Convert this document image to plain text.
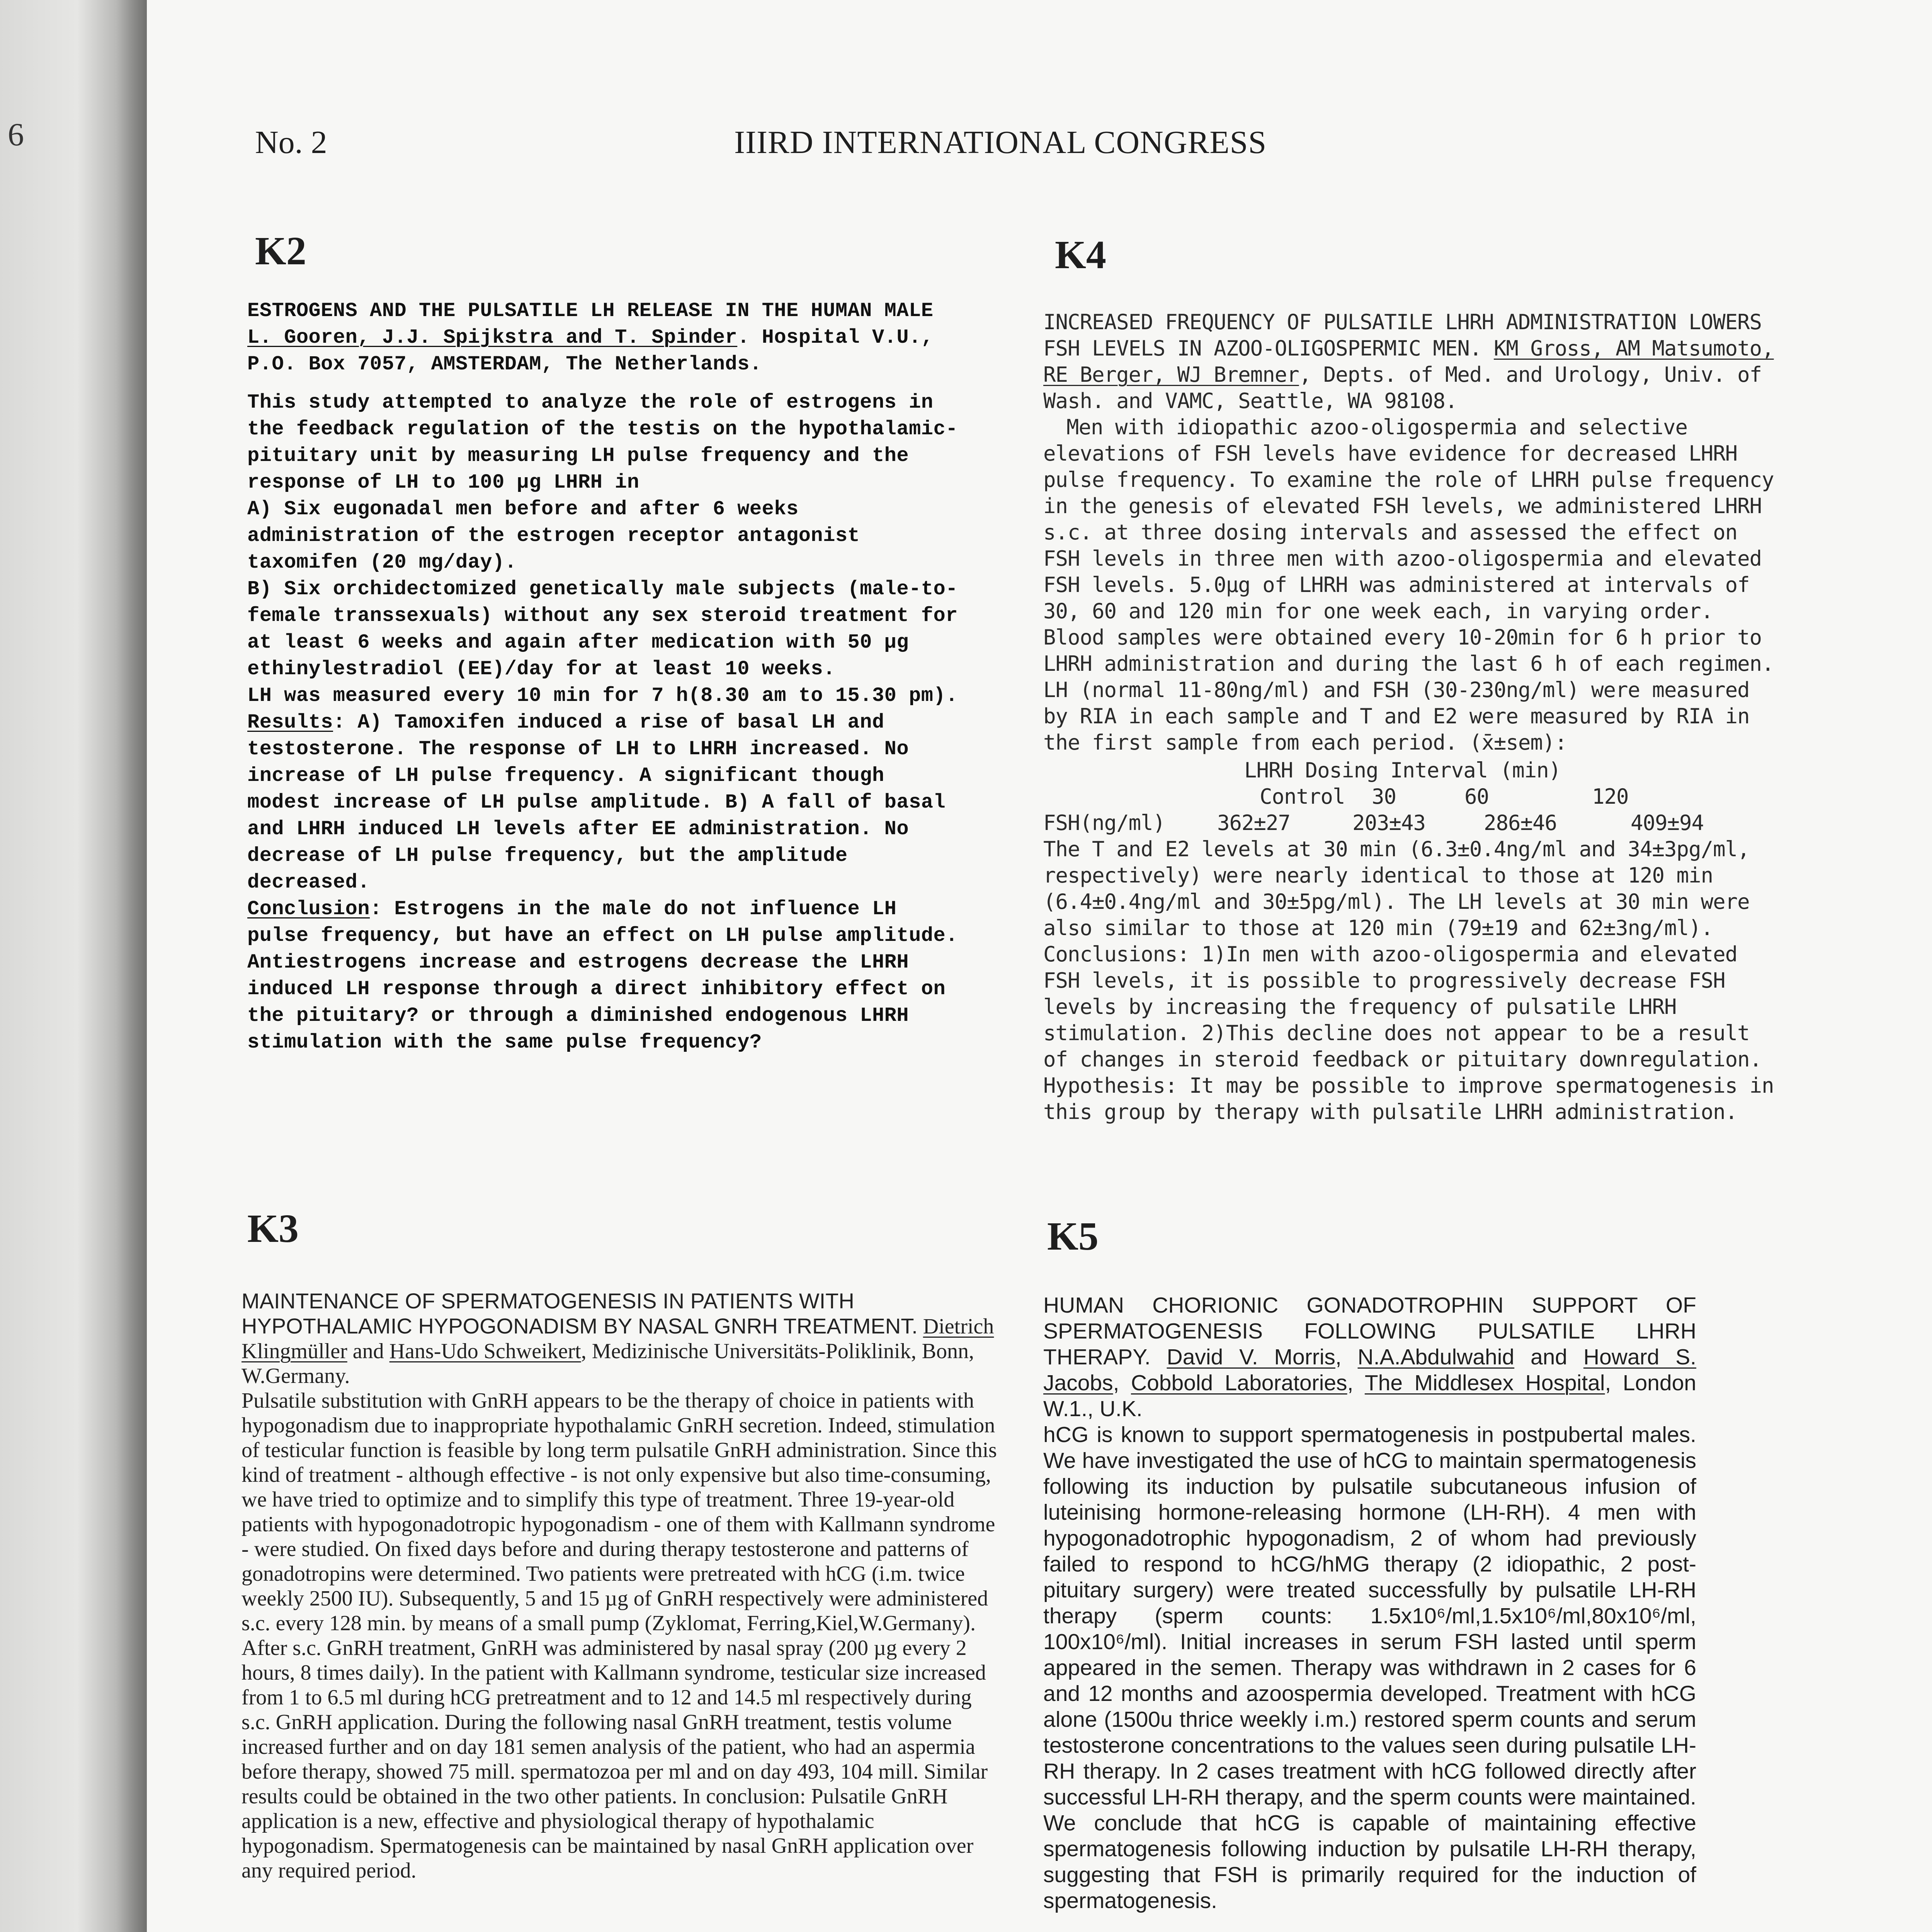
6	No. 2	IIIRD INTERNATIONAL CONGRESS
K2

ESTROGENS AND THE PULSATILE LH RELEASE IN THE HUMAN MALE

L. Gooren, J.J. Spijkstra and T. Spinder. Hospital V.U., P.O. Box 7057, AMSTERDAM, The Netherlands.

This study attempted to analyze the role of estrogens in the feedback regulation of the testis on the hypothalamic-pituitary unit by measuring LH pulse frequency and the response of LH to 100 µg LHRH in

A) Six eugonadal men before and after 6 weeks administration of the estrogen receptor antagonist taxomifen (20 mg/day).

B) Six orchidectomized genetically male subjects (male-to-female transsexuals) without any sex steroid treatment for at least 6 weeks and again after medication with 50 µg ethinylestradiol (EE)/day for at least 10 weeks.

LH was measured every 10 min for 7 h(8.30 am to 15.30 pm).

Results: A) Tamoxifen induced a rise of basal LH and testosterone. The response of LH to LHRH increased. No increase of LH pulse frequency. A significant though modest increase of LH pulse amplitude. B) A fall of basal and LHRH induced LH levels after EE administration. No decrease of LH pulse frequency, but the amplitude decreased.

Conclusion: Estrogens in the male do not influence LH pulse frequency, but have an effect on LH pulse amplitude. Antiestrogens increase and estrogens decrease the LHRH induced LH response through a direct inhibitory effect on the pituitary? or through a diminished endogenous LHRH stimulation with the same pulse frequency?

K4

INCREASED FREQUENCY OF PULSATILE LHRH ADMINISTRATION LOWERS FSH LEVELS IN AZOO-OLIGOSPERMIC MEN. KM Gross, AM Matsumoto, RE Berger, WJ Bremner, Depts. of Med. and Urology, Univ. of Wash. and VAMC, Seattle, WA 98108.

Men with idiopathic azoo-oligospermia and selective elevations of FSH levels have evidence for decreased LHRH pulse frequency. To examine the role of LHRH pulse frequency in the genesis of elevated FSH levels, we administered LHRH s.c. at three dosing intervals and assessed the effect on FSH levels in three men with azoo-oligospermia and elevated FSH levels. 5.0µg of LHRH was administered at intervals of 30, 60 and 120 min for one week each, in varying order. Blood samples were obtained every 10-20min for 6 h prior to LHRH administration and during the last 6 h of each regimen. LH (normal 11-80ng/ml) and FSH (30-230ng/ml) were measured by RIA in each sample and T and E2 were measured by RIA in the first sample from each period. (x̄±sem):

LHRH Dosing Interval (min)
Control	30	60	120
FSH(ng/ml)	362±27	203±43	286±46	409±94

The T and E2 levels at 30 min (6.3±0.4ng/ml and 34±3pg/ml, respectively) were nearly identical to those at 120 min (6.4±0.4ng/ml and 30±5pg/ml). The LH levels at 30 min were also similar to those at 120 min (79±19 and 62±3ng/ml). Conclusions: 1)In men with azoo-oligospermia and elevated FSH levels, it is possible to progressively decrease FSH levels by increasing the frequency of pulsatile LHRH stimulation. 2)This decline does not appear to be a result of changes in steroid feedback or pituitary downregulation. Hypothesis: It may be possible to improve spermatogenesis in this group by therapy with pulsatile LHRH administration.

K3

MAINTENANCE OF SPERMATOGENESIS IN PATIENTS WITH HYPOTHALAMIC HYPOGONADISM BY NASAL GNRH TREATMENT. Dietrich Klingmüller and Hans-Udo Schweikert, Medizinische Universitäts-Poliklinik, Bonn, W.Germany.

Pulsatile substitution with GnRH appears to be the therapy of choice in patients with hypogonadism due to inappropriate hypothalamic GnRH secretion. Indeed, stimulation of testicular function is feasible by long term pulsatile GnRH administration. Since this kind of treatment - although effective - is not only expensive but also time-consuming, we have tried to optimize and to simplify this type of treatment. Three 19-year-old patients with hypogonadotropic hypogonadism - one of them with Kallmann syndrome - were studied. On fixed days before and during therapy testosterone and patterns of gonadotropins were determined. Two patients were pretreated with hCG (i.m. twice weekly 2500 IU). Subsequently, 5 and 15 µg of GnRH respectively were administered s.c. every 128 min. by means of a small pump (Zyklomat, Ferring,Kiel,W.Germany). After s.c. GnRH treatment, GnRH was administered by nasal spray (200 µg every 2 hours, 8 times daily). In the patient with Kallmann syndrome, testicular size increased from 1 to 6.5 ml during hCG pretreatment and to 12 and 14.5 ml respectively during s.c. GnRH application. During the following nasal GnRH treatment, testis volume increased further and on day 181 semen analysis of the patient, who had an aspermia before therapy, showed 75 mill. spermatozoa per ml and on day 493, 104 mill. Similar results could be obtained in the two other patients. In conclusion: Pulsatile GnRH application is a new, effective and physiological therapy of hypothalamic hypogonadism. Spermatogenesis can be maintained by nasal GnRH application over any required period.

K5

HUMAN CHORIONIC GONADOTROPHIN SUPPORT OF SPERMATOGENESIS FOLLOWING PULSATILE LHRH THERAPY. David V. Morris, N.A.Abdulwahid and Howard S. Jacobs, Cobbold Laboratories, The Middlesex Hospital, London W.1., U.K.

hCG is known to support spermatogenesis in postpubertal males. We have investigated the use of hCG to maintain spermatogenesis following its induction by pulsatile subcutaneous infusion of luteinising hormone-releasing hormone (LH-RH). 4 men with hypogonadotrophic hypogonadism, 2 of whom had previously failed to respond to hCG/hMG therapy (2 idiopathic, 2 post-pituitary surgery) were treated successfully by pulsatile LH-RH therapy (sperm counts: 1.5x10⁶/ml,1.5x10⁶/ml,80x10⁶/ml, 100x10⁶/ml). Initial increases in serum FSH lasted until sperm appeared in the semen. Therapy was withdrawn in 2 cases for 6 and 12 months and azoospermia developed. Treatment with hCG alone (1500u thrice weekly i.m.) restored sperm counts and serum testosterone concentrations to the values seen during pulsatile LH-RH therapy. In 2 cases treatment with hCG followed directly after successful LH-RH therapy, and the sperm counts were maintained. We conclude that hCG is capable of maintaining effective spermatogenesis following induction by pulsatile LH-RH therapy, suggesting that FSH is primarily required for the induction of spermatogenesis.
